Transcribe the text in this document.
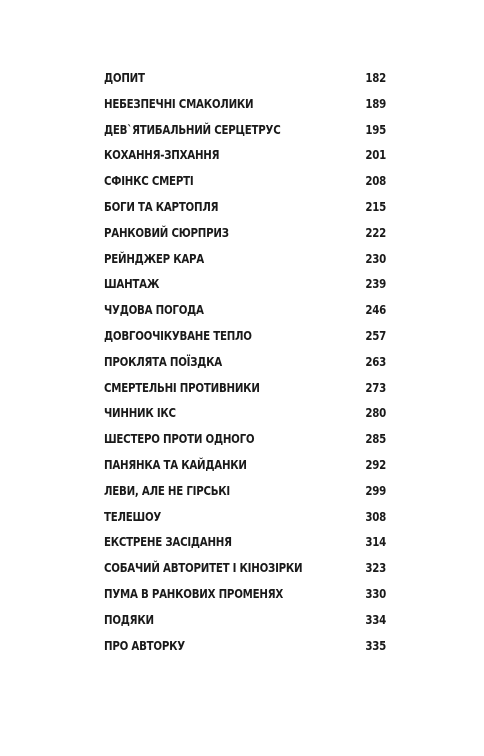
ДОПИТ	182
НЕБЕЗПЕЧНІ СМАКОЛИКИ	189
ДЕВ`ЯТИБАЛЬНИЙ СЕРЦЕТРУС	195
КОХАННЯ-ЗПХАННЯ	201
СФІНКС СМЕРТІ	208
БОГИ ТА КАРТОПЛЯ	215
РАНКОВИЙ СЮРПРИЗ	222
РЕЙНДЖЕР КАРА	230
ШАНТАЖ	239
ЧУДОВА ПОГОДА	246
ДОВГООЧІКУВАНЕ ТЕПЛО	257
ПРОКЛЯТА ПОЇЗДКА	263
СМЕРТЕЛЬНІ ПРОТИВНИКИ	273
ЧИННИК ІКС	280
ШЕСТЕРО ПРОТИ ОДНОГО	285
ПАНЯНКА ТА КАЙДАНКИ	292
ЛЕВИ, АЛЕ НЕ ГІРСЬКІ	299
ТЕЛЕШОУ	308
ЕКСТРЕНЕ ЗАСІДАННЯ	314
СОБАЧИЙ АВТОРИТЕТ І КІНОЗІРКИ	323
ПУМА В РАНКОВИХ ПРОМЕНЯХ	330
ПОДЯКИ	334
ПРО АВТОРКУ	335
